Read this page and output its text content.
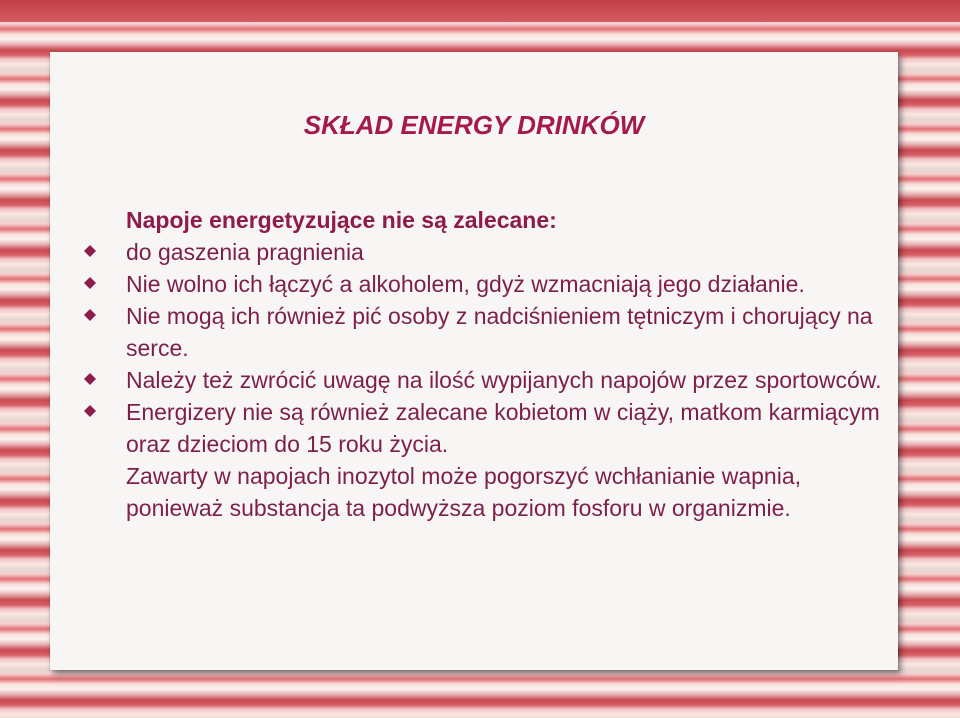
SKŁAD ENERGY DRINKÓW

Napoje energetyzujące nie są zalecane:

do gaszenia pragnienia
Nie wolno ich łączyć a alkoholem, gdyż wzmacniają jego działanie.
Nie mogą ich również pić osoby z nadciśnieniem tętniczym i chorujący na serce.
Należy też zwrócić uwagę na ilość wypijanych napojów przez sportowców.
Energizery nie są również zalecane kobietom w ciąży, matkom karmiącym oraz dzieciom do 15 roku życia.

Zawarty w napojach inozytol może pogorszyć wchłanianie wapnia, ponieważ substancja ta podwyższa poziom fosforu w organizmie.
